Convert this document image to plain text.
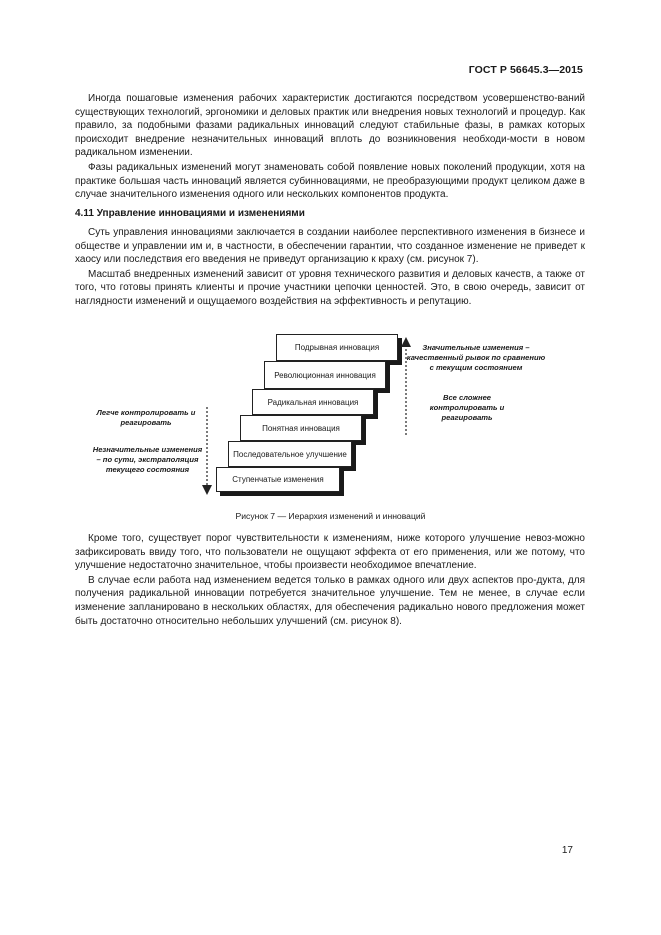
ГОСТ Р 56645.3—2015

Иногда пошаговые изменения рабочих характеристик достигаются посредством усовершенство-ваний существующих технологий, эргономики и деловых практик или внедрения новых технологий и процедур. Как правило, за подобными фазами радикальных инноваций следуют стабильные фазы, в рамках которых происходит внедрение незначительных инноваций вплоть до возникновения необходи-мости в новом радикальном изменении.

Фазы радикальных изменений могут знаменовать собой появление новых поколений продукции, хотя на практике большая часть инноваций является субинновациями, не преобразующими продукт целиком даже в случае значительного изменения одного или нескольких компонентов продукта.

4.11 Управление инновациями и изменениями

Суть управления инновациями заключается в создании наиболее перспективного изменения в бизнесе и обществе и управлении им и, в частности, в обеспечении гарантии, что созданное изменение не приведет к хаосу или последствия его введения не приведут организацию к краху (см. рисунок 7).

Масштаб внедренных изменений зависит от уровня технического развития и деловых качеств, а также от того, что готовы принять клиенты и прочие участники цепочки ценностей. Это, в свою очередь, зависит от наглядности изменений и ощущаемого воздействия на эффективность и репутацию.

Подрывная инновация
Революционная инновация
Радикальная инновация
Понятная инновация
Последовательное улучшение
Ступенчатые изменения
Значительные изменения – качественный рывок по сравнению с текущим состоянием
Все сложнее контролировать и реагировать
Легче контролировать и реагировать
Незначительные изменения – по сути, экстраполяция текущего состояния
Рисунок 7 — Иерархия изменений и инноваций

Кроме того, существует порог чувствительности к изменениям, ниже которого улучшение невоз-можно зафиксировать ввиду того, что пользователи не ощущают эффекта от его применения, или же потому, что улучшение недостаточно значительное, чтобы произвести необходимое впечатление.

В случае если работа над изменением ведется только в рамках одного или двух аспектов про-дукта, для получения радикальной инновации потребуется значительное улучшение. Тем не менее, в случае если изменение запланировано в нескольких областях, для обеспечения радикально нового предложения может быть достаточно относительно небольших улучшений (см. рисунок 8).

17
